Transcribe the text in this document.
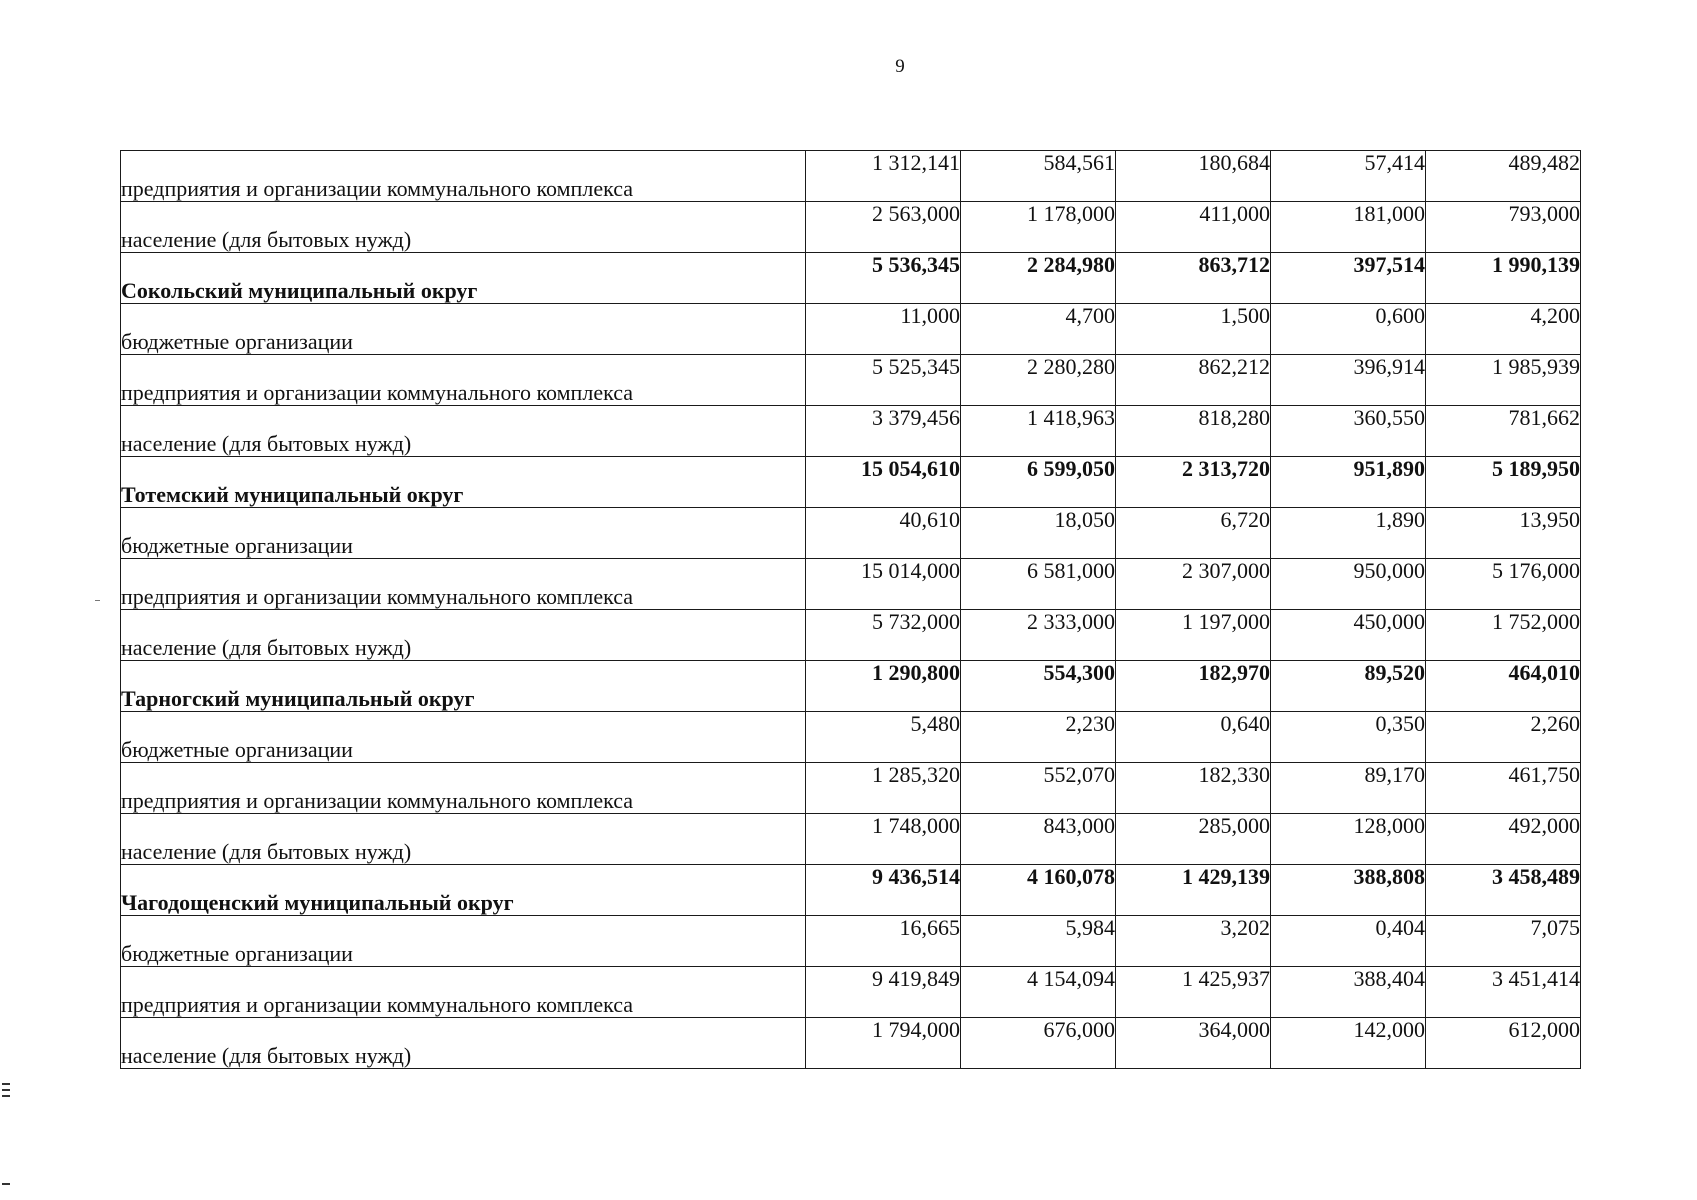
9
предприятия и организации коммунального комплекса	1 312,141	584,561	180,684	57,414	489,482
население (для бытовых нужд)	2 563,000	1 178,000	411,000	181,000	793,000
Сокольский муниципальный округ	5 536,345	2 284,980	863,712	397,514	1 990,139
бюджетные организации	11,000	4,700	1,500	0,600	4,200
предприятия и организации коммунального комплекса	5 525,345	2 280,280	862,212	396,914	1 985,939
население (для бытовых нужд)	3 379,456	1 418,963	818,280	360,550	781,662
Тотемский муниципальный округ	15 054,610	6 599,050	2 313,720	951,890	5 189,950
бюджетные организации	40,610	18,050	6,720	1,890	13,950
предприятия и организации коммунального комплекса	15 014,000	6 581,000	2 307,000	950,000	5 176,000
население (для бытовых нужд)	5 732,000	2 333,000	1 197,000	450,000	1 752,000
Тарногский муниципальный округ	1 290,800	554,300	182,970	89,520	464,010
бюджетные организации	5,480	2,230	0,640	0,350	2,260
предприятия и организации коммунального комплекса	1 285,320	552,070	182,330	89,170	461,750
население (для бытовых нужд)	1 748,000	843,000	285,000	128,000	492,000
Чагодощенский муниципальный округ	9 436,514	4 160,078	1 429,139	388,808	3 458,489
бюджетные организации	16,665	5,984	3,202	0,404	7,075
предприятия и организации коммунального комплекса	9 419,849	4 154,094	1 425,937	388,404	3 451,414
население (для бытовых нужд)	1 794,000	676,000	364,000	142,000	612,000
